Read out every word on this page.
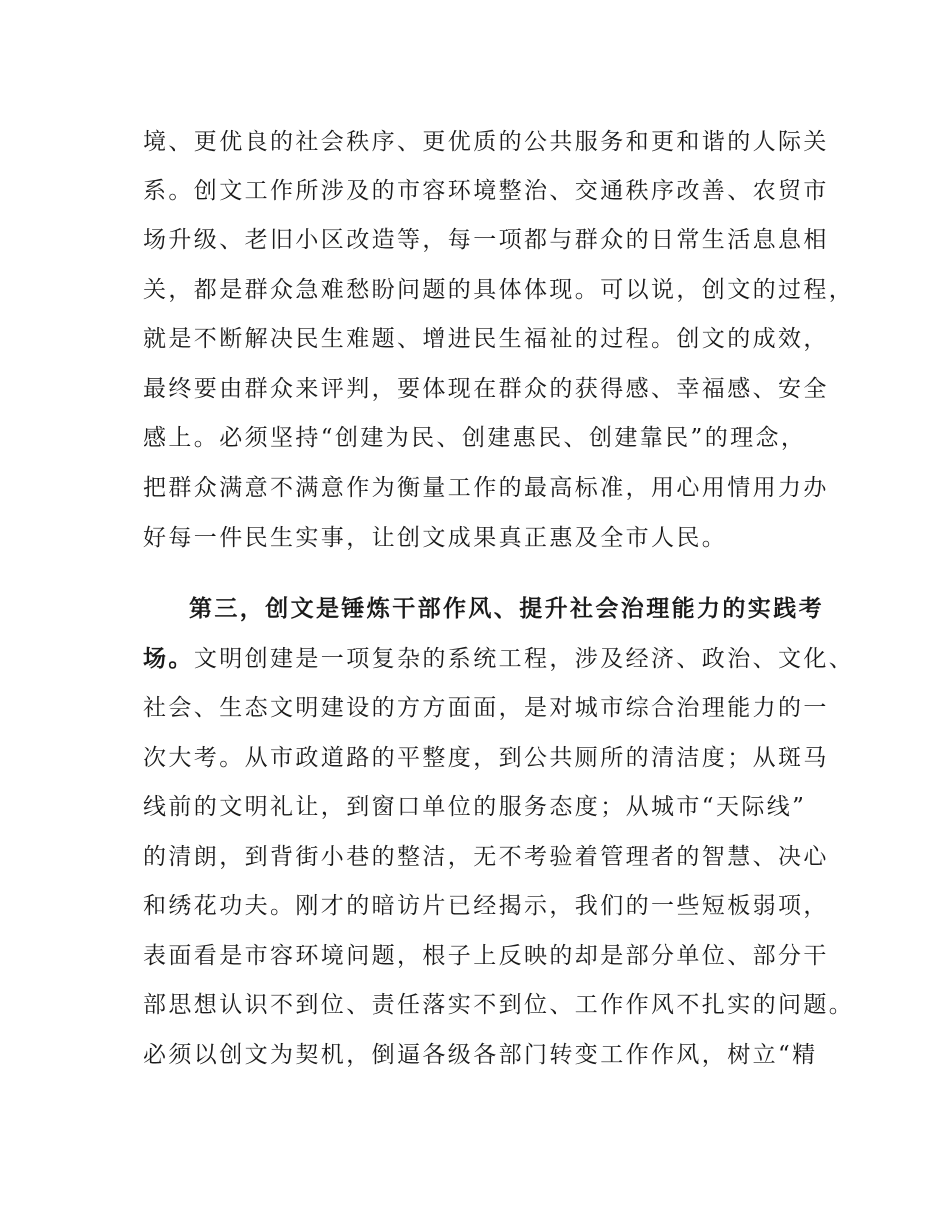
境、更优良的社会秩序、更优质的公共服务和更和谐的人际关
系。创文工作所涉及的市容环境整治、交通秩序改善、农贸市
场升级、老旧小区改造等，每一项都与群众的日常生活息息相
关，都是群众急难愁盼问题的具体体现。可以说，创文的过程，
就是不断解决民生难题、增进民生福祉的过程。创文的成效，
最终要由群众来评判，要体现在群众的获得感、幸福感、安全
感上。必须坚持“创建为民、创建惠民、创建靠民”的理念，
把群众满意不满意作为衡量工作的最高标准，用心用情用力办
好每一件民生实事，让创文成果真正惠及全市人民。
第三，创文是锤炼干部作风、提升社会治理能力的实践考
场。文明创建是一项复杂的系统工程，涉及经济、政治、文化、
社会、生态文明建设的方方面面，是对城市综合治理能力的一
次大考。从市政道路的平整度，到公共厕所的清洁度；从斑马
线前的文明礼让，到窗口单位的服务态度；从城市“天际线”
的清朗，到背街小巷的整洁，无不考验着管理者的智慧、决心
和绣花功夫。刚才的暗访片已经揭示，我们的一些短板弱项，
表面看是市容环境问题，根子上反映的却是部分单位、部分干
部思想认识不到位、责任落实不到位、工作作风不扎实的问题。
必须以创文为契机，倒逼各级各部门转变工作作风，树立“精
